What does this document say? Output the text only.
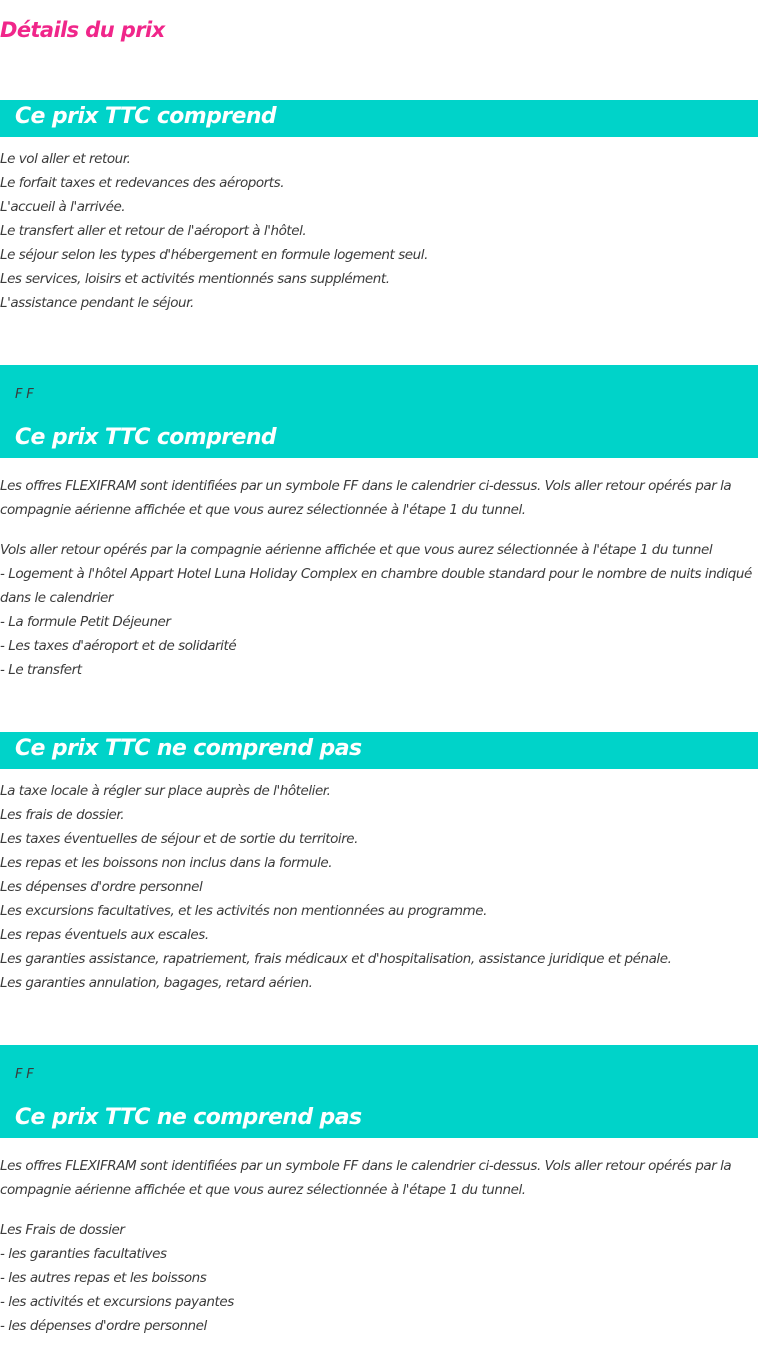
Détails du prix
Ce prix TTC comprend
Le vol aller et retour.
Le forfait taxes et redevances des aéroports.
L'accueil à l'arrivée.
Le transfert aller et retour de l'aéroport à l'hôtel.
Le séjour selon les types d'hébergement en formule logement seul.
Les services, loisirs et activités mentionnés sans supplément.
L'assistance pendant le séjour.
F F
Ce prix TTC comprend
Les offres FLEXIFRAM sont identifiées par un symbole FF dans le calendrier ci-dessus. Vols aller retour opérés par la compagnie aérienne affichée et que vous aurez sélectionnée à l'étape 1 du tunnel.
Vols aller retour opérés par la compagnie aérienne affichée et que vous aurez sélectionnée à l'étape 1 du tunnel
- Logement à l'hôtel Appart Hotel Luna Holiday Complex en chambre double standard pour le nombre de nuits indiqué dans le calendrier
- La formule Petit Déjeuner
- Les taxes d'aéroport et de solidarité
- Le transfert
Ce prix TTC ne comprend pas
La taxe locale à régler sur place auprès de l'hôtelier.
Les frais de dossier.
Les taxes éventuelles de séjour et de sortie du territoire.
Les repas et les boissons non inclus dans la formule.
Les dépenses d'ordre personnel
Les excursions facultatives, et les activités non mentionnées au programme.
Les repas éventuels aux escales.
Les garanties assistance, rapatriement, frais médicaux et d'hospitalisation, assistance juridique et pénale.
Les garanties annulation, bagages, retard aérien.
F F
Ce prix TTC ne comprend pas
Les offres FLEXIFRAM sont identifiées par un symbole FF dans le calendrier ci-dessus. Vols aller retour opérés par la compagnie aérienne affichée et que vous aurez sélectionnée à l'étape 1 du tunnel.
Les Frais de dossier
- les garanties facultatives
- les autres repas et les boissons
- les activités et excursions payantes
- les dépenses d'ordre personnel
